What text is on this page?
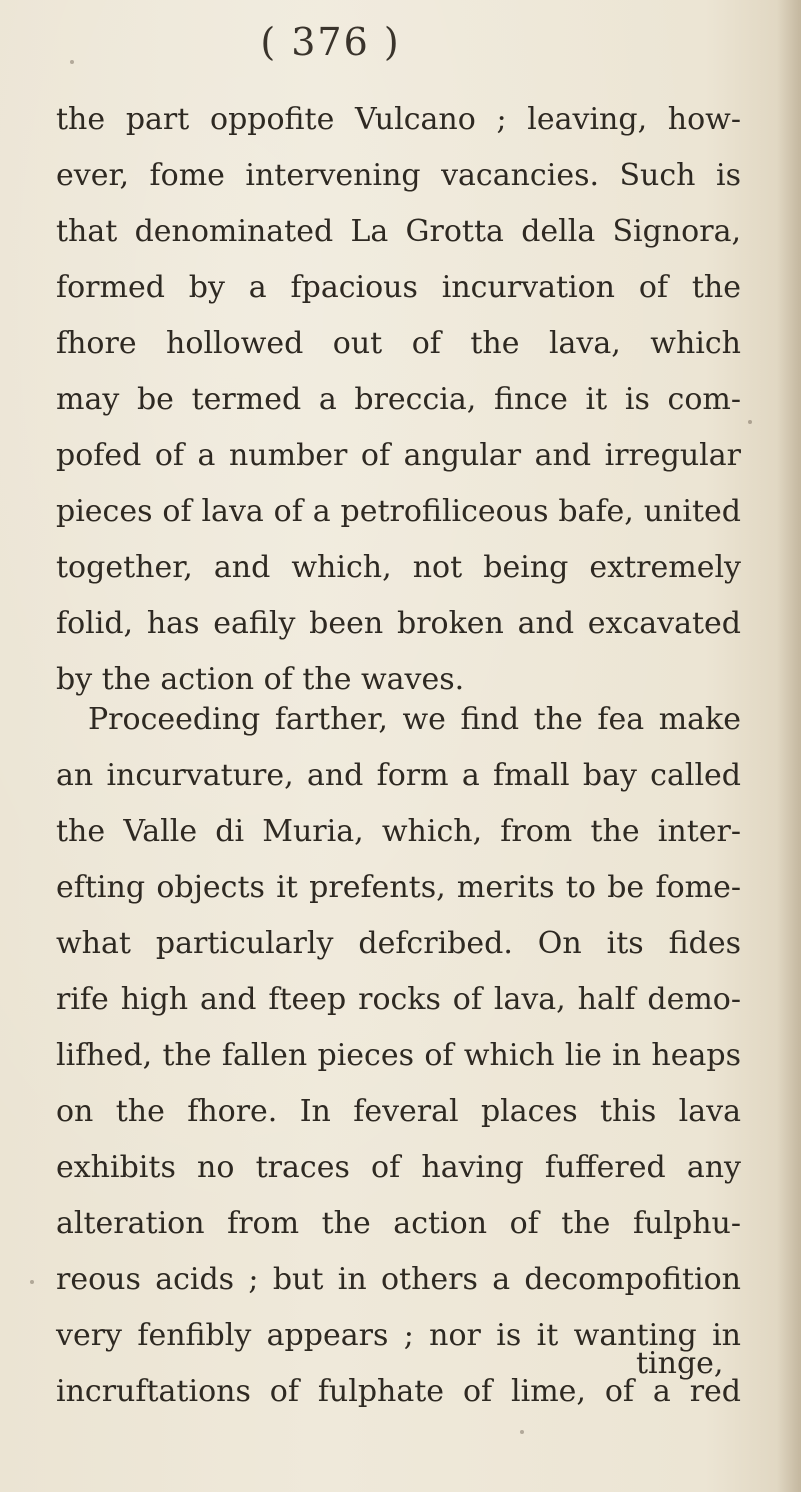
( 376 )
the part oppofite Vulcano ; leaving, how-
ever, fome intervening vacancies. Such is
that denominated La Grotta della Signora,
formed by a fpacious incurvation of the
fhore hollowed out of the lava, which
may be termed a breccia, fince it is com-
pofed of a number of angular and irregular
pieces of lava of a petrofiliceous bafe, united
together, and which, not being extremely
folid, has eafily been broken and excavated
by the action of the waves.
Proceeding farther, we find the fea make
an incurvature, and form a fmall bay called
the Valle di Muria, which, from the inter-
efting objects it prefents, merits to be fome-
what particularly defcribed. On its fides
rife high and fteep rocks of lava, half demo-
lifhed, the fallen pieces of which lie in heaps
on the fhore. In feveral places this lava
exhibits no traces of having fuffered any
alteration from the action of the fulphu-
reous acids ; but in others a decompofition
very fenfibly appears ; nor is it wanting in
incruftations of fulphate of lime, of a red
tinge,
